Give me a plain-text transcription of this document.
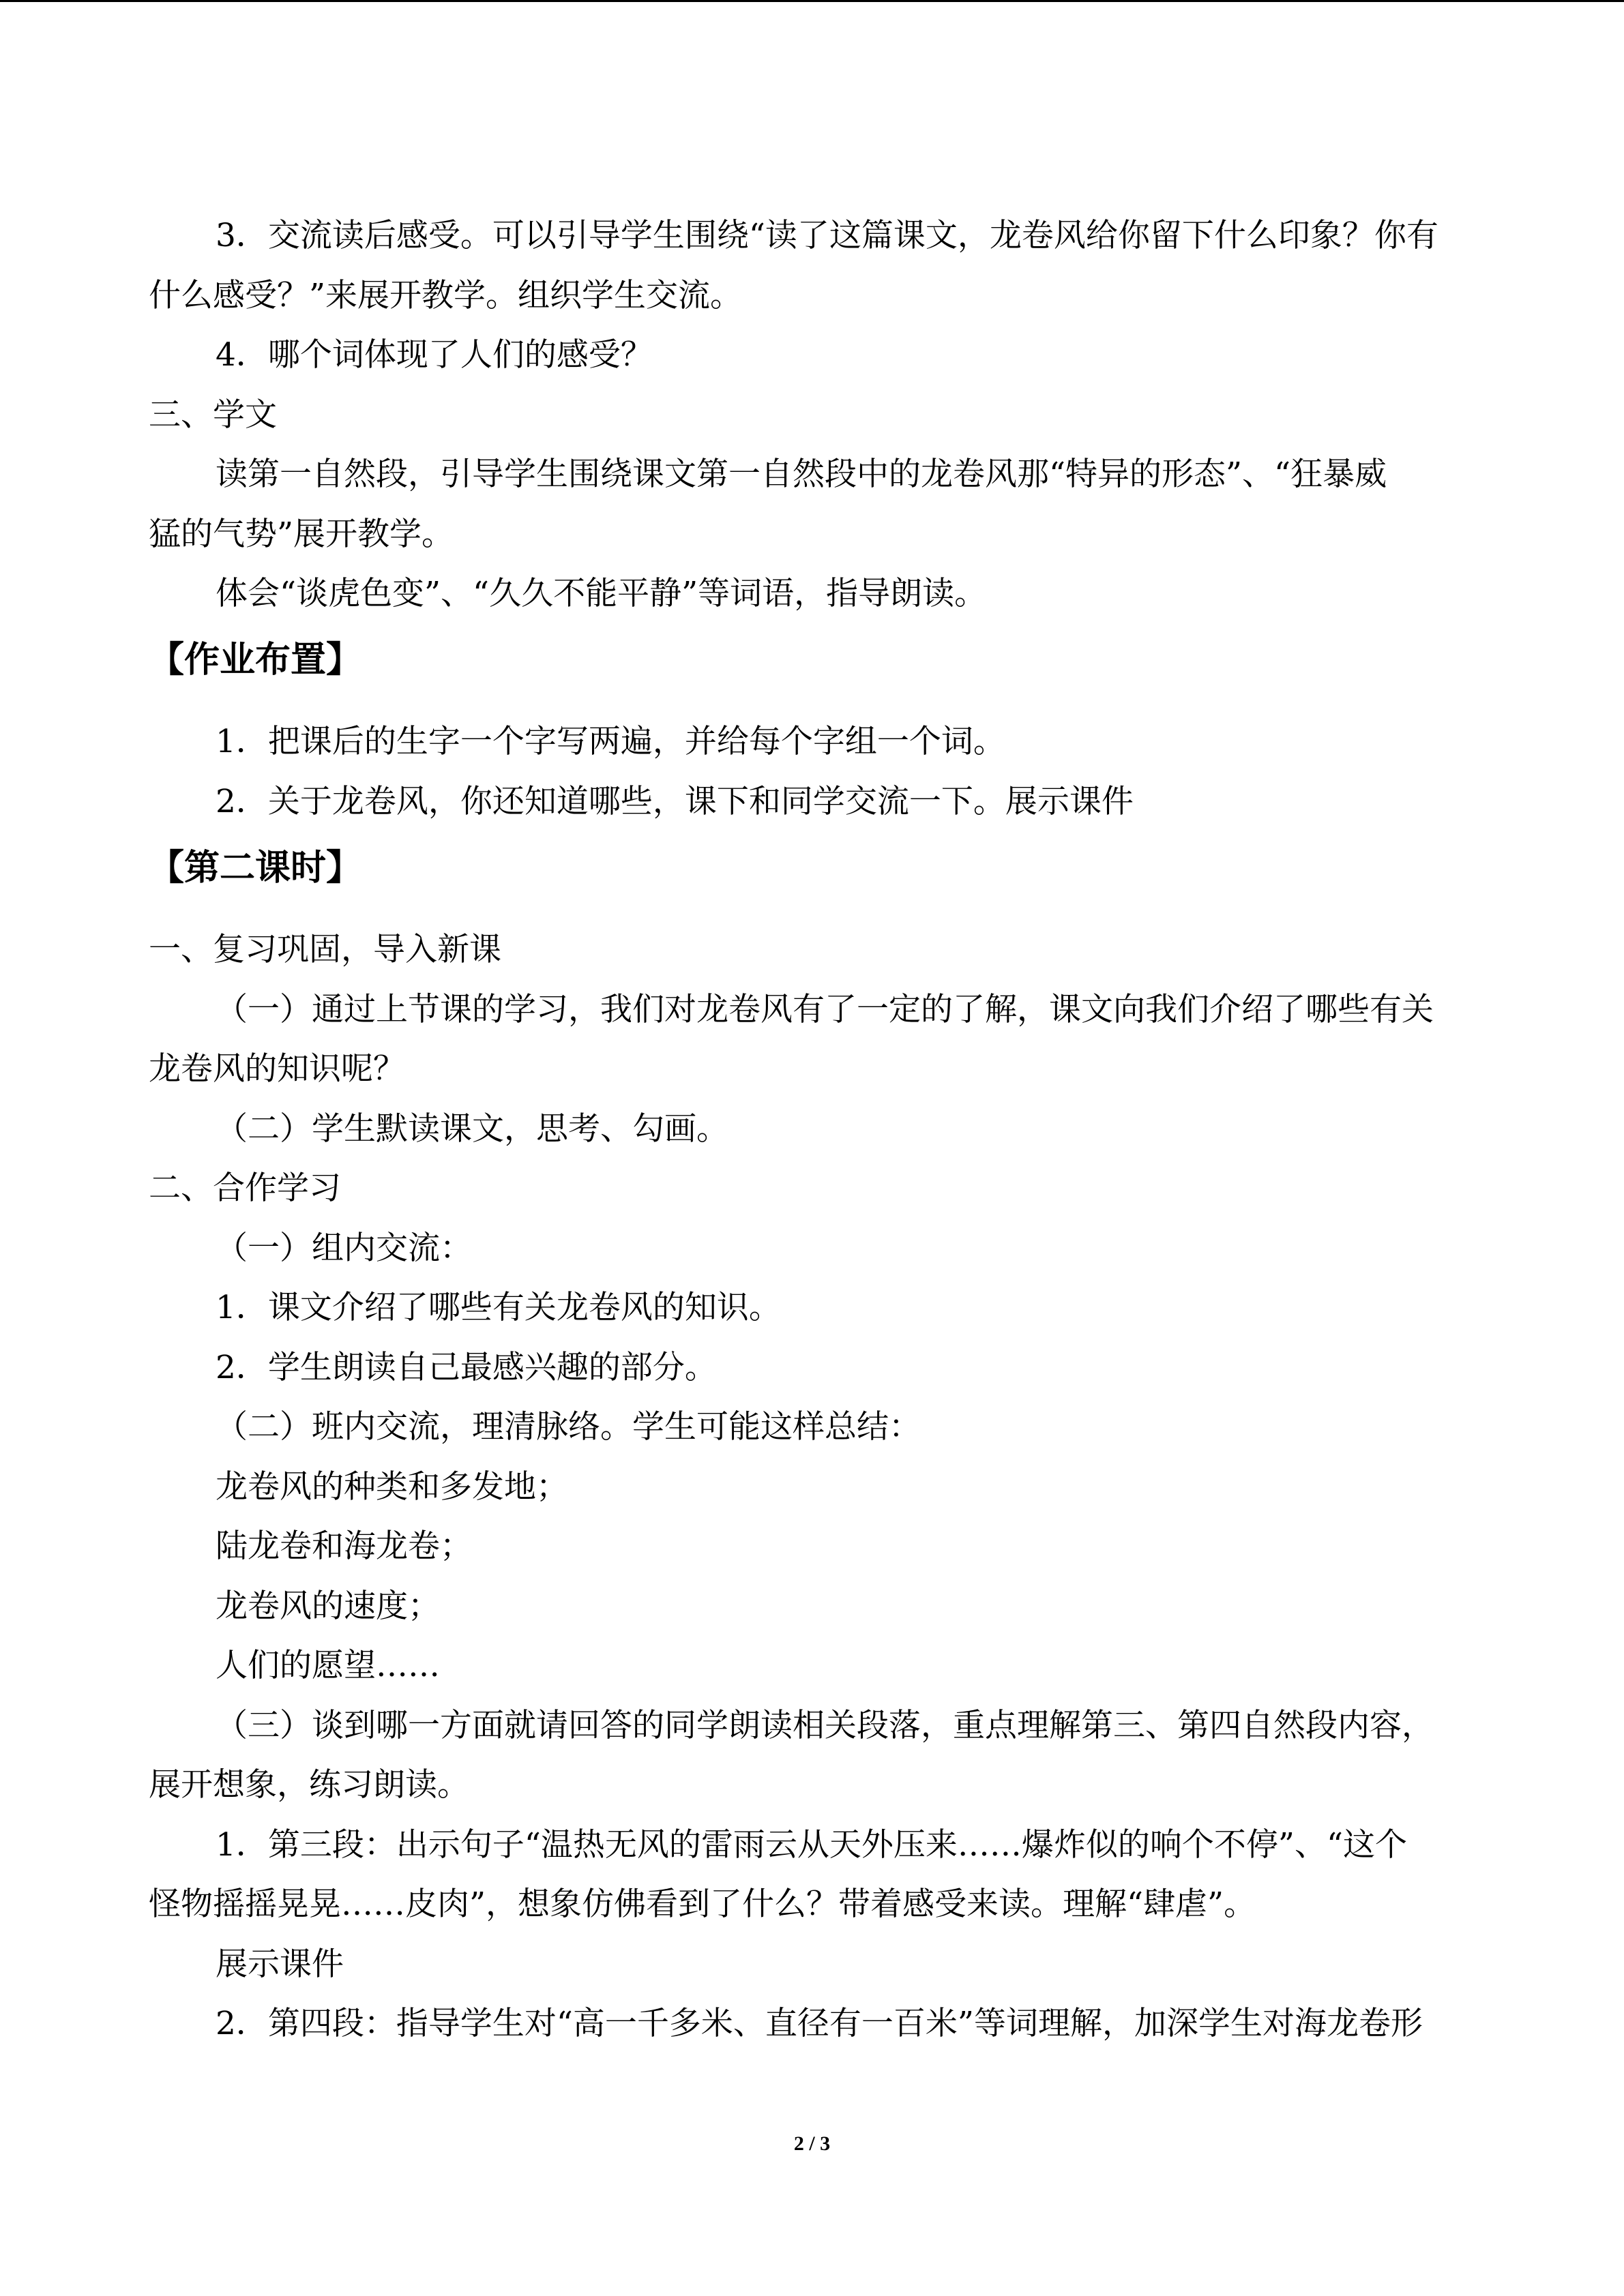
3．交流读后感受。可以引导学生围绕“读了这篇课文，龙卷风给你留下什么印象？你有
什么感受？”来展开教学。组织学生交流。
4．哪个词体现了人们的感受？
三、学文
读第一自然段，引导学生围绕课文第一自然段中的龙卷风那“特异的形态”、“狂暴威
猛的气势”展开教学。
体会“谈虎色变”、“久久不能平静”等词语，指导朗读。
【作业布置】
1．把课后的生字一个字写两遍，并给每个字组一个词。
2．关于龙卷风，你还知道哪些，课下和同学交流一下。展示课件
【第二课时】
一、复习巩固，导入新课
（一）通过上节课的学习，我们对龙卷风有了一定的了解，课文向我们介绍了哪些有关
龙卷风的知识呢？
（二）学生默读课文，思考、勾画。
二、合作学习
（一）组内交流：
1．课文介绍了哪些有关龙卷风的知识。
2．学生朗读自己最感兴趣的部分。
（二）班内交流，理清脉络。学生可能这样总结：
龙卷风的种类和多发地；
陆龙卷和海龙卷；
龙卷风的速度；
人们的愿望……
（三）谈到哪一方面就请回答的同学朗读相关段落，重点理解第三、第四自然段内容，
展开想象，练习朗读。
1．第三段：出示句子“温热无风的雷雨云从天外压来……爆炸似的响个不停”、“这个
怪物摇摇晃晃……皮肉”，想象仿佛看到了什么？带着感受来读。理解“肆虐”。
展示课件
2．第四段：指导学生对“高一千多米、直径有一百米”等词理解，加深学生对海龙卷形
2 / 3
